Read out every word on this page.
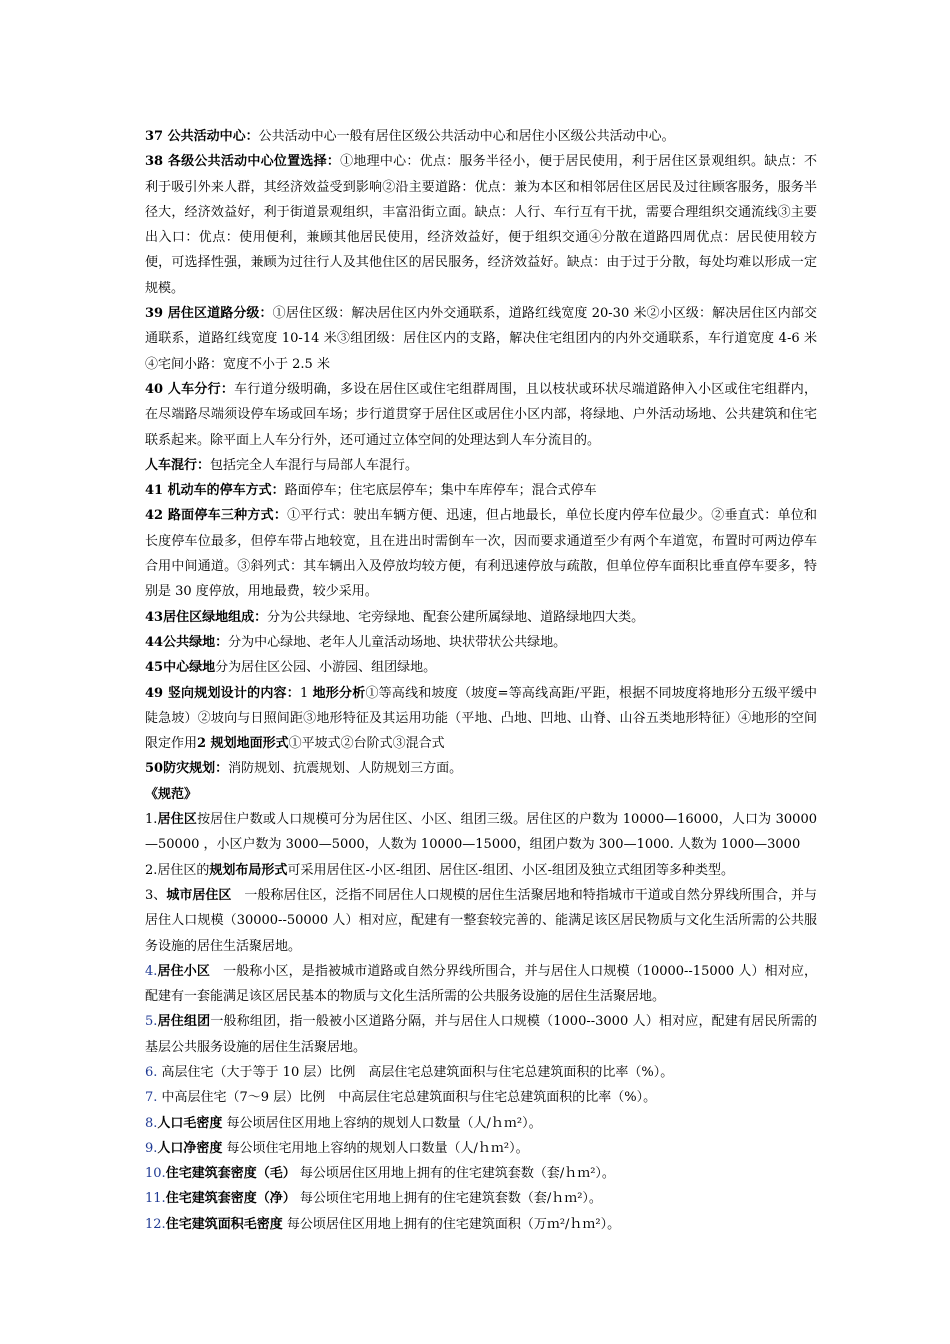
37 公共活动中心：公共活动中心一般有居住区级公共活动中心和居住小区级公共活动中心。

38 各级公共活动中心位置选择：①地理中心：优点：服务半径小，便于居民使用，利于居住区景观组织。缺点：不利于吸引外来人群，其经济效益受到影响②沿主要道路：优点：兼为本区和相邻居住区居民及过往顾客服务，服务半径大，经济效益好，利于街道景观组织，丰富沿街立面。缺点：人行、车行互有干扰，需要合理组织交通流线③主要出入口：优点：使用便利，兼顾其他居民使用，经济效益好，便于组织交通④分散在道路四周优点：居民使用较方便，可选择性强，兼顾为过往行人及其他住区的居民服务，经济效益好。缺点：由于过于分散，每处均难以形成一定规模。

39 居住区道路分级：①居住区级：解决居住区内外交通联系，道路红线宽度 20-30 米②小区级：解决居住区内部交通联系，道路红线宽度 10-14 米③组团级：居住区内的支路，解决住宅组团内的内外交通联系，车行道宽度 4-6 米④宅间小路：宽度不小于 2.5 米

40 人车分行：车行道分级明确，多设在居住区或住宅组群周围，且以枝状或环状尽端道路伸入小区或住宅组群内，在尽端路尽端须设停车场或回车场；步行道贯穿于居住区或居住小区内部，将绿地、户外活动场地、公共建筑和住宅联系起来。除平面上人车分行外，还可通过立体空间的处理达到人车分流目的。

人车混行：包括完全人车混行与局部人车混行。

41 机动车的停车方式：路面停车；住宅底层停车；集中车库停车；混合式停车

42 路面停车三种方式：①平行式：驶出车辆方便、迅速，但占地最长，单位长度内停车位最少。②垂直式：单位和长度停车位最多，但停车带占地较宽，且在进出时需倒车一次，因而要求通道至少有两个车道宽，布置时可两边停车合用中间通道。③斜列式：其车辆出入及停放均较方便，有利迅速停放与疏散，但单位停车面积比垂直停车要多，特别是 30 度停放，用地最费，较少采用。

43居住区绿地组成：分为公共绿地、宅旁绿地、配套公建所属绿地、道路绿地四大类。

44公共绿地：分为中心绿地、老年人儿童活动场地、块状带状公共绿地。

45中心绿地分为居住区公园、小游园、组团绿地。

49 竖向规划设计的内容：1 地形分析①等高线和坡度（坡度=等高线高距/平距，根据不同坡度将地形分五级平缓中陡急坡）②坡向与日照间距③地形特征及其运用功能（平地、凸地、凹地、山脊、山谷五类地形特征）④地形的空间限定作用2 规划地面形式①平坡式②台阶式③混合式

50防灾规划：消防规划、抗震规划、人防规划三方面。

《规范》

1.居住区按居住户数或人口规模可分为居住区、小区、组团三级。居住区的户数为 10000—16000，人口为 30000—50000 ，小区户数为 3000—5000，人数为 10000—15000，组团户数为 300—1000. 人数为 1000—3000

2.居住区的规划布局形式可采用居住区-小区-组团、居住区-组团、小区-组团及独立式组团等多种类型。

3、城市居住区　一般称居住区，泛指不同居住人口规模的居住生活聚居地和特指城市干道或自然分界线所围合，并与居住人口规模（30000--50000 人）相对应，配建有一整套较完善的、能满足该区居民物质与文化生活所需的公共服务设施的居住生活聚居地。

4.居住小区　一般称小区，是指被城市道路或自然分界线所围合，并与居住人口规模（10000--15000 人）相对应，配建有一套能满足该区居民基本的物质与文化生活所需的公共服务设施的居住生活聚居地。

5.居住组团一般称组团，指一般被小区道路分隔，并与居住人口规模（1000--3000 人）相对应，配建有居民所需的基层公共服务设施的居住生活聚居地。

6. 高层住宅（大于等于 10 层）比例　高层住宅总建筑面积与住宅总建筑面积的比率（%）。

7. 中高层住宅（7～9 层）比例　中高层住宅总建筑面积与住宅总建筑面积的比率（%）。

8.人口毛密度 每公顷居住区用地上容纳的规划人口数量（人/ｈｍ²）。

9.人口净密度 每公顷住宅用地上容纳的规划人口数量（人/ｈｍ²）。

10.住宅建筑套密度（毛） 每公顷居住区用地上拥有的住宅建筑套数（套/ｈｍ²）。

11.住宅建筑套密度（净） 每公顷住宅用地上拥有的住宅建筑套数（套/ｈｍ²）。

12.住宅建筑面积毛密度 每公顷居住区用地上拥有的住宅建筑面积（万ｍ²/ｈｍ²）。
